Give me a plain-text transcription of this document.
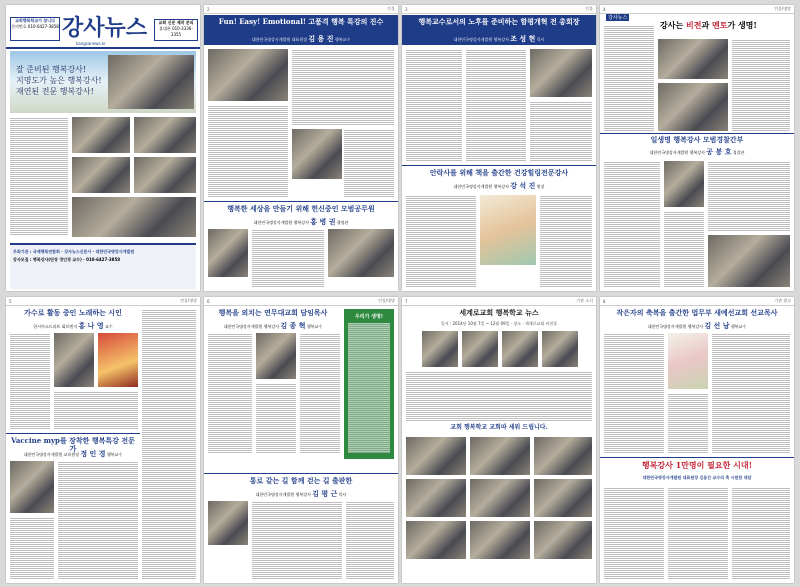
교회행복학교가 찾니다
문의번호 010-6427-3858 강사뉴스	교회 신문 제작 문의
휴대폰 010-3336-3355
kangsanews.kr
잘 준비된 행복강사!
지명도가 높은 행복강사!
재연된 전문 행복강사!
주최기관 : 국제행복연합회 · 강사뉴스신문사 · 대한민국명강사개발원
강사모집 : 행복강사(단장 정인경 교수) · 010-6427-3858
2	인물
Fun! Easy! Emotional! 고품격 행복 특강의 진수
대한민국명강사개발원 대표원장 김 용 진 행복교수
행복한 세상을 만들기 위해 헌신중인 모범공무원
대한민국명강사개발원 행복강사 홍 병 권 행정관
3	인물
행복교수로서의 노후를 준비하는 함평개혁 전 총회장
대한민국명강사개발원 행복강사 조 성 현 목사
안락사를 위해 책을 출간한 건강힐링전문강사
대한민국명강사개발원 행복강사 강 석 진 원장
4	인물/명망
강사뉴스
강사는 비전과 멘토가 생명!
일생명 행복강사 모범경찰간부
대한민국명강사개발원 행복강사 공 봉 호 경찰관
5	인물/명망
가수로 활동 중인 노래하는 시인
한시아소드라트 회브앤지 홍 나 영 교수
Vaccine myp를 장착한 행복특강 전문가
대한민국명강사개발원 교육원장 정 인 경 행복교수
6	인물/명망
행복을 외치는 연무대교회 담임목사
대한민국명강사개발원 행복강사 김 종 혁 행복교수
우리가 생명!
통로 같는 길 함께 걷는 길 출판한
대한민국명강사개발원 행복강사 김 평 근 목사
7	기관 소식
세계로교회 행복학교 뉴스
일시 : 2014년 10월 7일 ~ 12월 09일 · 장소 : 세계로교회 비전홀
교회 행복학교 교회따 세워 드립니다.
8	기관 광고
작은자의 축복을 출간한 법무부 새예선교회 선교목사
대한민국명강사개발원 행복강사 김 선 남 행복교수
행복강사 1만명이 필요한 시대!
대한민국명강사개발원 대표원장 김용진 교수의 축 시원한 대담
